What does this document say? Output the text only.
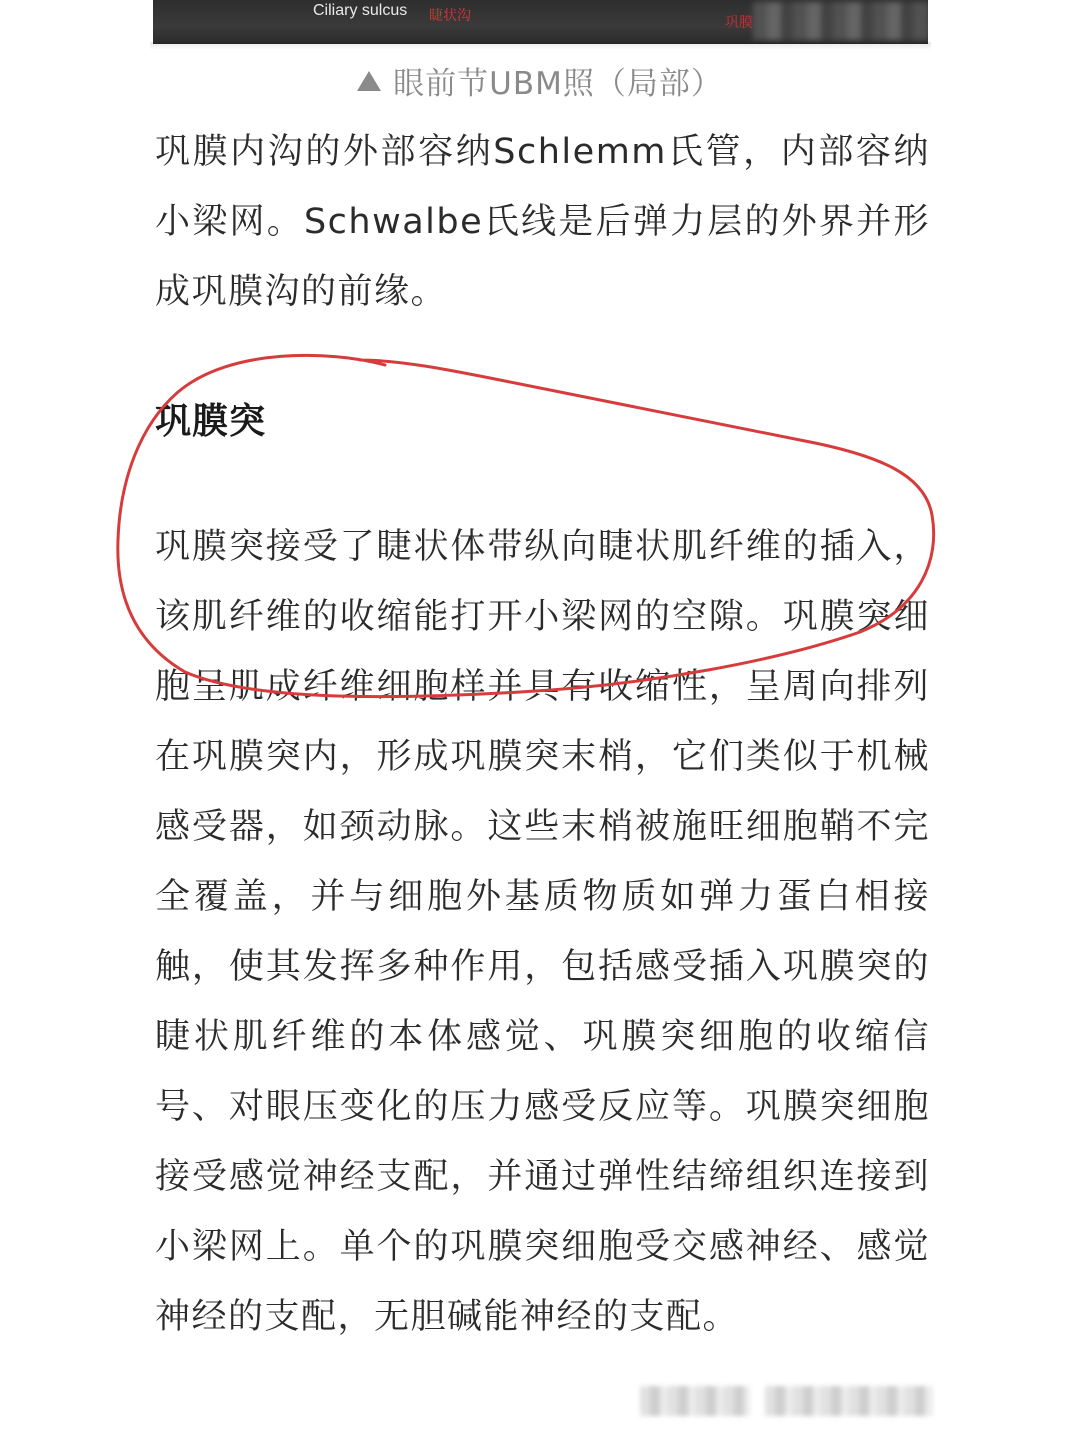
Ciliary sulcus 睫状沟	巩膜
眼前节UBM照（局部）

巩膜内沟的外部容纳Schlemm氏管，内部容纳小梁网。Schwalbe氏线是后弹力层的外界并形成巩膜沟的前缘。

巩膜突

巩膜突接受了睫状体带纵向睫状肌纤维的插入，该肌纤维的收缩能打开小梁网的空隙。巩膜突细胞呈肌成纤维细胞样并具有收缩性，呈周向排列在巩膜突内，形成巩膜突末梢，它们类似于机械感受器，如颈动脉。这些末梢被施旺细胞鞘不完全覆盖，并与细胞外基质物质如弹力蛋白相接触，使其发挥多种作用，包括感受插入巩膜突的睫状肌纤维的本体感觉、巩膜突细胞的收缩信号、对眼压变化的压力感受反应等。巩膜突细胞接受感觉神经支配，并通过弹性结缔组织连接到小梁网上。单个的巩膜突细胞受交感神经、感觉神经的支配，无胆碱能神经的支配。
